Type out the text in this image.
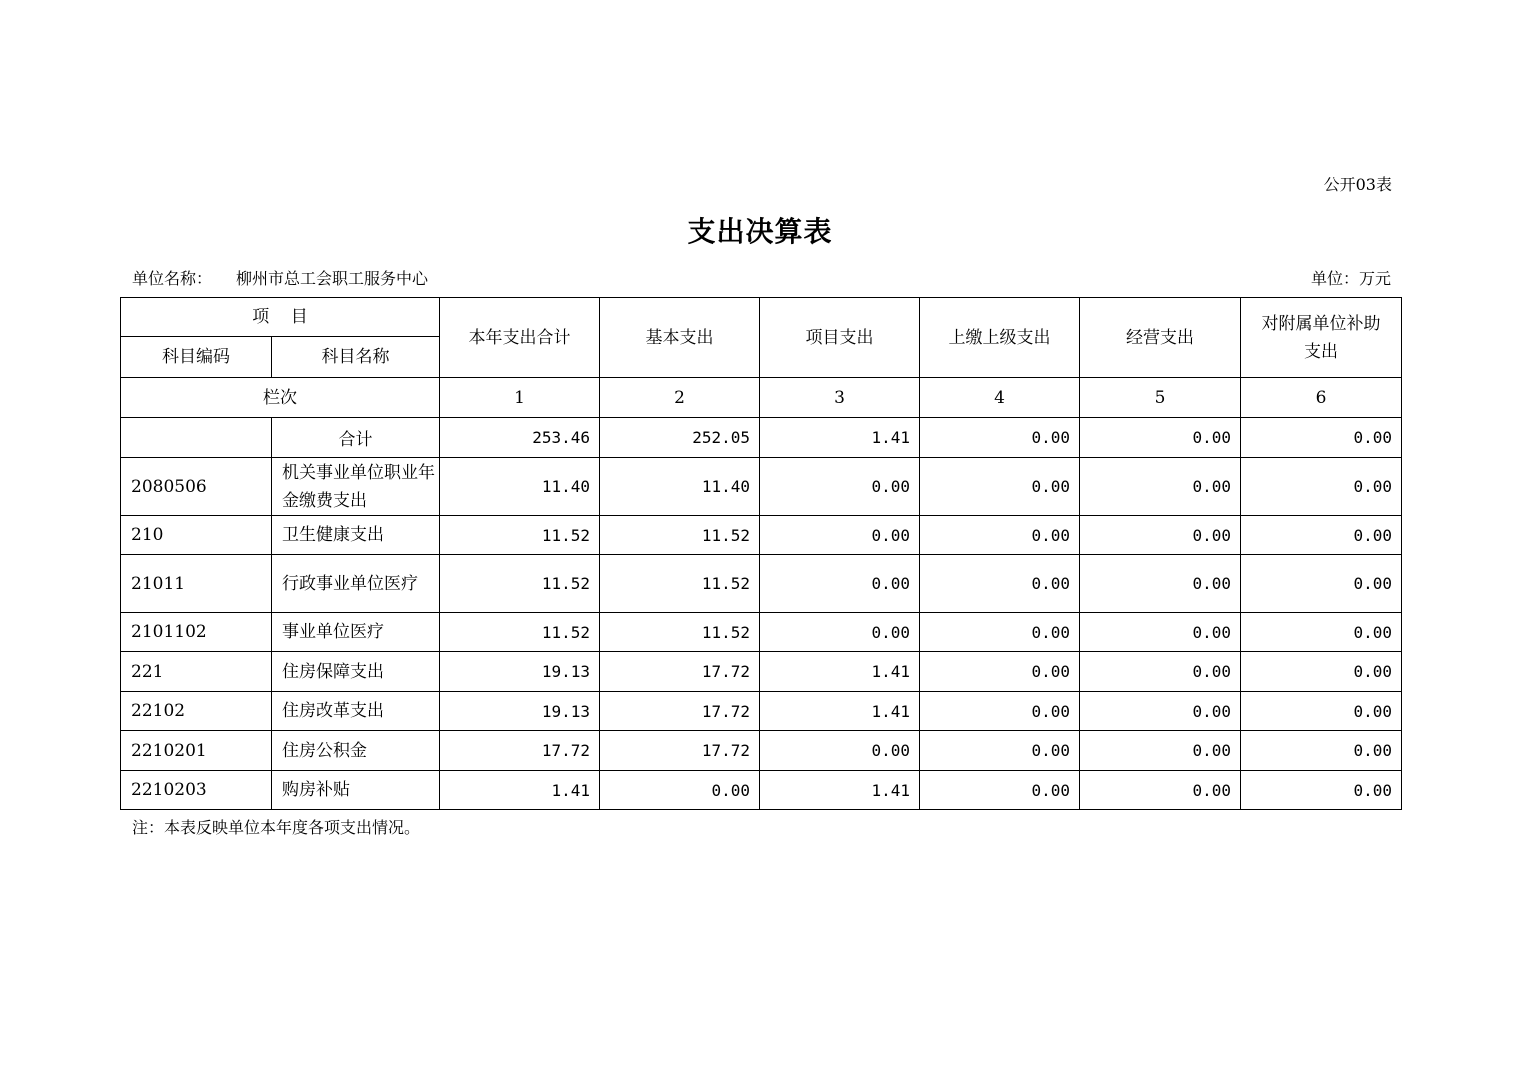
公开03表
支出决算表
单位名称： 柳州市总工会职工服务中心	单位：万元
项    目		本年支出合计	基本支出	项目支出	上缴上级支出	经营支出	对附属单位补助支出
科目编码	科目名称						
栏次		1	2	3	4	5	6
	合计	253.46	252.05	1.41	0.00	0.00	0.00
2080506	机关事业单位职业年金缴费支出	11.40	11.40	0.00	0.00	0.00	0.00
210	卫生健康支出	11.52	11.52	0.00	0.00	0.00	0.00
21011	行政事业单位医疗	11.52	11.52	0.00	0.00	0.00	0.00
2101102	事业单位医疗	11.52	11.52	0.00	0.00	0.00	0.00
221	住房保障支出	19.13	17.72	1.41	0.00	0.00	0.00
22102	住房改革支出	19.13	17.72	1.41	0.00	0.00	0.00
2210201	住房公积金	17.72	17.72	0.00	0.00	0.00	0.00
2210203	购房补贴	1.41	0.00	1.41	0.00	0.00	0.00
注：本表反映单位本年度各项支出情况。
